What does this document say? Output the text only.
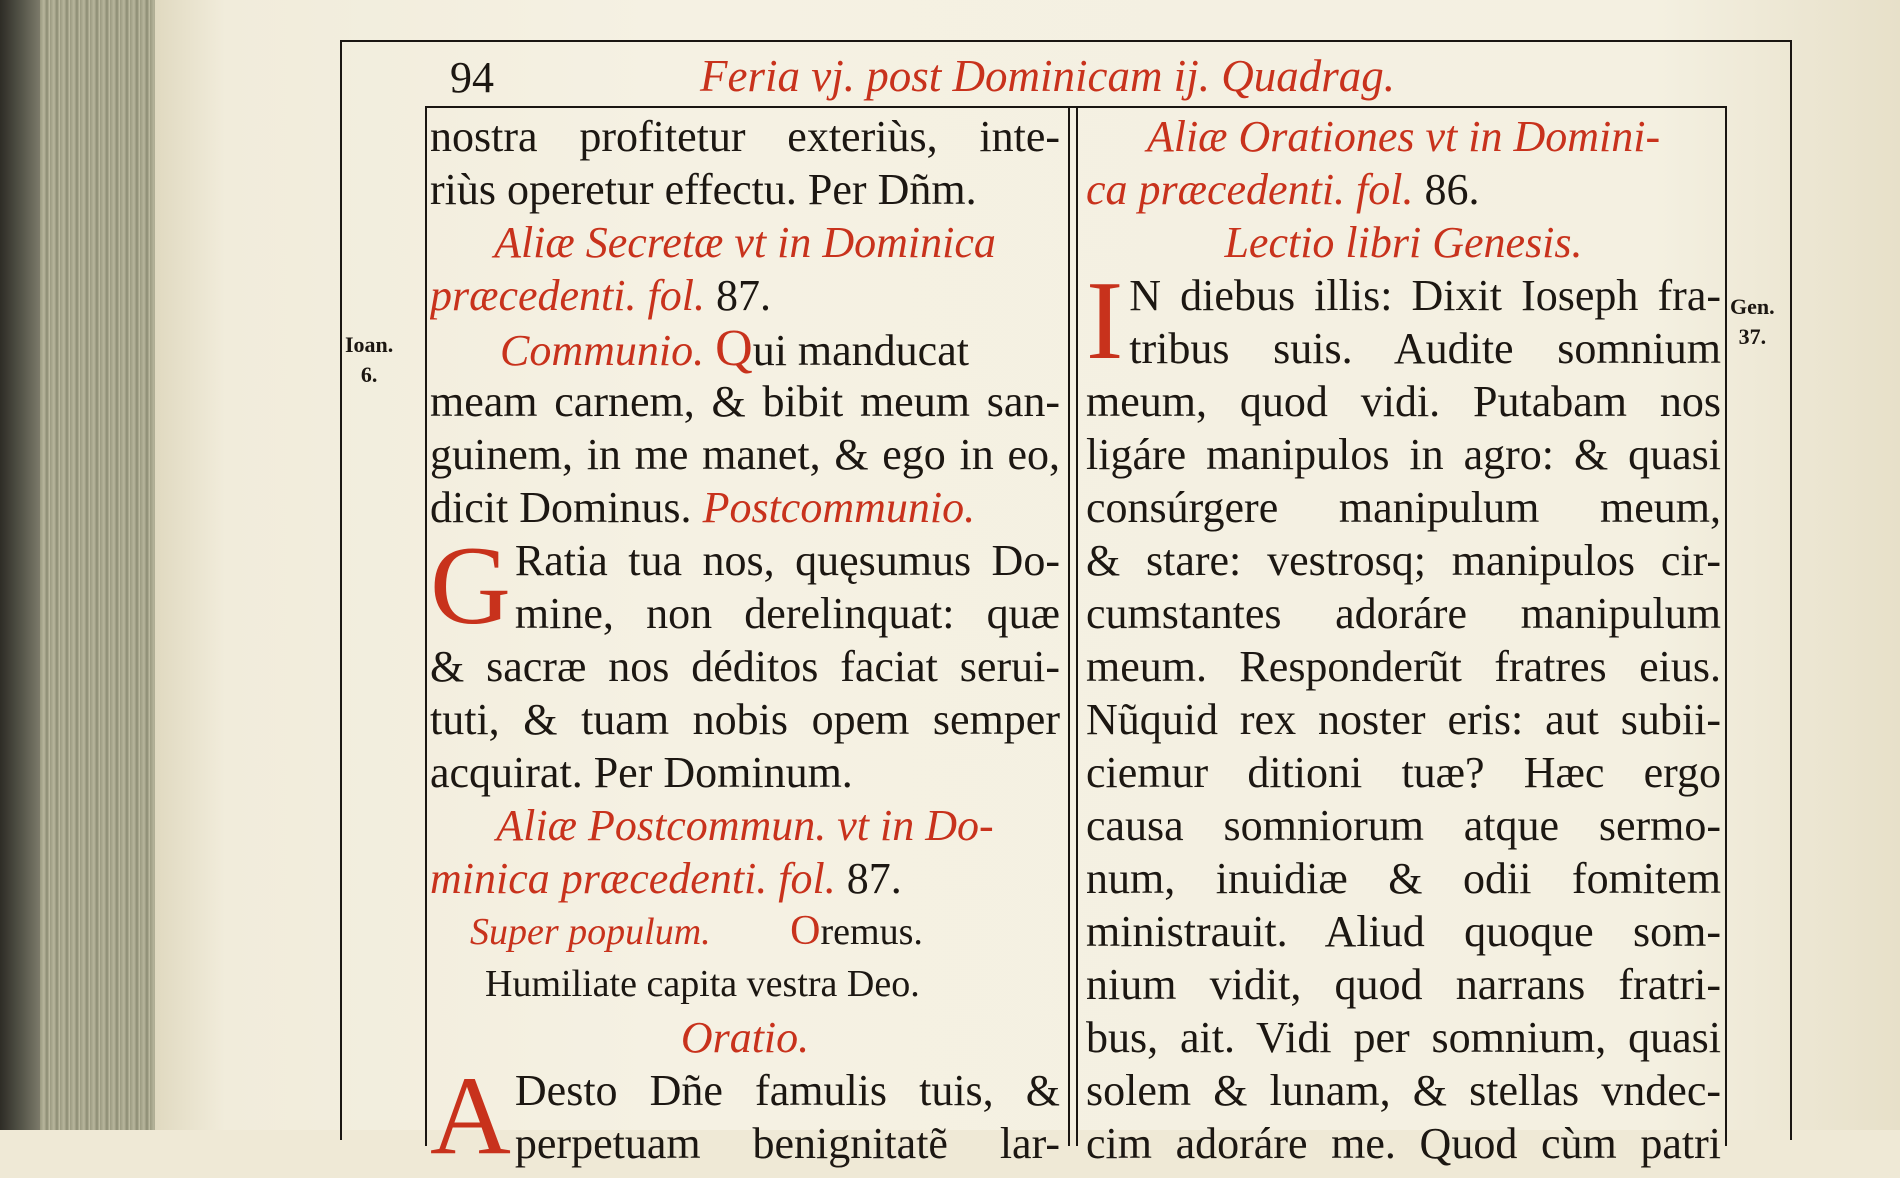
94	Feria vj. post Dominicam ij. Quadrag.
Ioan.
6.
Gen.
37.
nostra profitetur exteriùs, inte-
riùs operetur effectu. Per Dñm.
Aliæ Secretæ vt in Dominica
præcedenti. fol. 87.
Communio. Qui manducat
meam carnem, & bibit meum san-
guinem, in me manet, & ego in eo,
dicit Dominus. Postcommunio.
G Ratia tua nos, quęsumus Do-
mine, non derelinquat: quæ
& sacræ nos déditos faciat serui-
tuti, & tuam nobis opem semper
acquirat. Per Dominum.
Aliæ Postcommun. vt in Do-
minica præcedenti. fol. 87.
Super populum. Oremus.
Humiliate capita vestra Deo.
Oratio.
A Desto Dñe famulis tuis, &
perpetuam benignitatẽ lar-
Aliæ Orationes vt in Domini-
ca præcedenti. fol. 86.
Lectio libri Genesis.
I N diebus illis: Dixit Ioseph fra-
tribus suis. Audite somnium
meum, quod vidi. Putabam nos
ligáre manipulos in agro: & quasi
consúrgere manipulum meum,
& stare: vestrosq; manipulos cir-
cumstantes adoráre manipulum
meum. Responderũt fratres eius.
Nũquid rex noster eris: aut subii-
ciemur ditioni tuæ? Hæc ergo
causa somniorum atque sermo-
num, inuidiæ & odii fomitem
ministrauit. Aliud quoque som-
nium vidit, quod narrans fratri-
bus, ait. Vidi per somnium, quasi
solem & lunam, & stellas vndec-
cim adoráre me. Quod cùm patri
